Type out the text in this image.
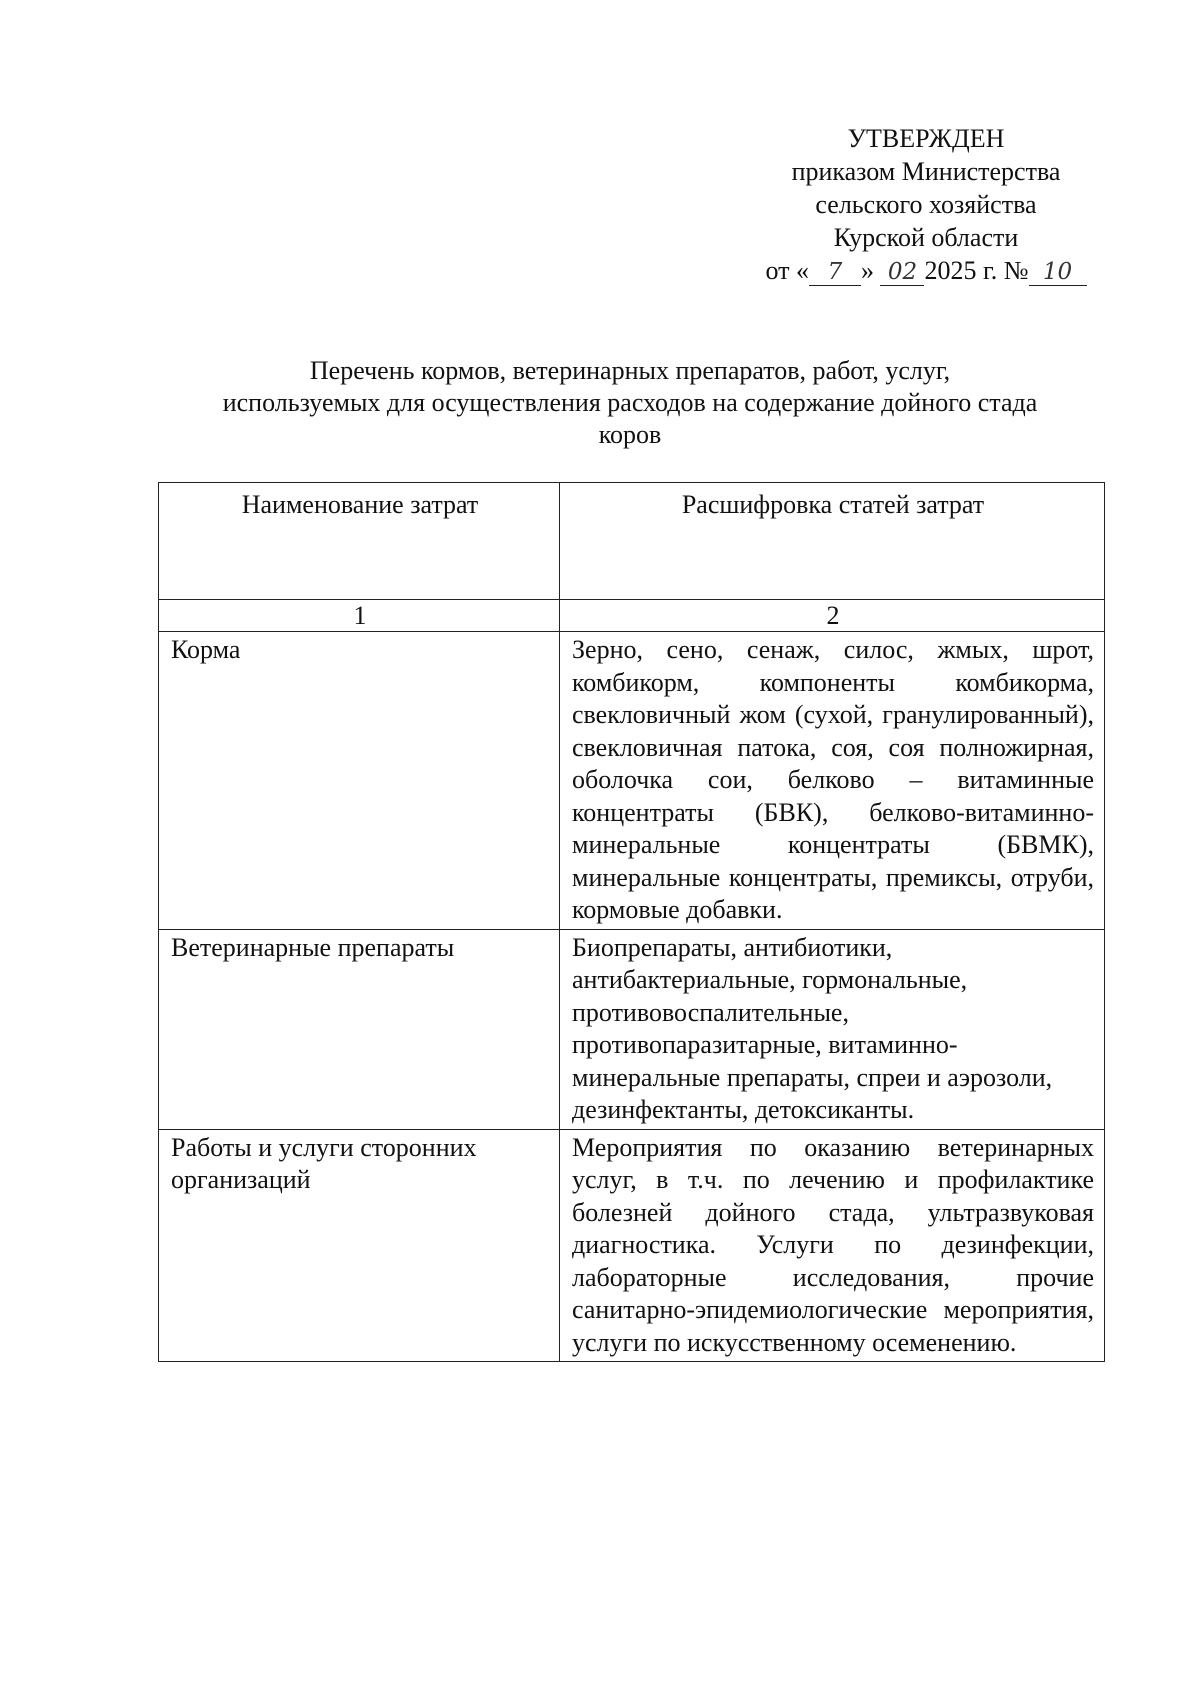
УТВЕРЖДЕН
приказом Министерства
сельского хозяйства
Курской области
от « 7 » 02 2025 г. № 10
Перечень кормов, ветеринарных препаратов, работ, услуг,
используемых для осуществления расходов на содержание дойного стада
коров
Наименование затрат	Расшифровка статей затрат
1	2
Корма	Зерно, сено, сенаж, силос, жмых, шрот, комбикорм, компоненты комбикорма, свекловичный жом (сухой, гранулированный), свекловичная патока, соя, соя полножирная, оболочка сои, белково – витаминные концентраты (БВК), белково-витаминно-минеральные концентраты (БВМК), минеральные концентраты, премиксы, отруби, кормовые добавки.
Ветеринарные препараты	Биопрепараты, антибиотики, антибактериальные, гормональные, противовоспалительные, противопаразитарные, витаминно-минеральные препараты, спреи и аэрозоли, дезинфектанты, детоксиканты.
Работы и услуги сторонних организаций	Мероприятия по оказанию ветеринарных услуг, в т.ч. по лечению и профилактике болезней дойного стада, ультразвуковая диагностика. Услуги по дезинфекции, лабораторные исследования, прочие санитарно-эпидемиологические мероприятия, услуги по искусственному осеменению.
